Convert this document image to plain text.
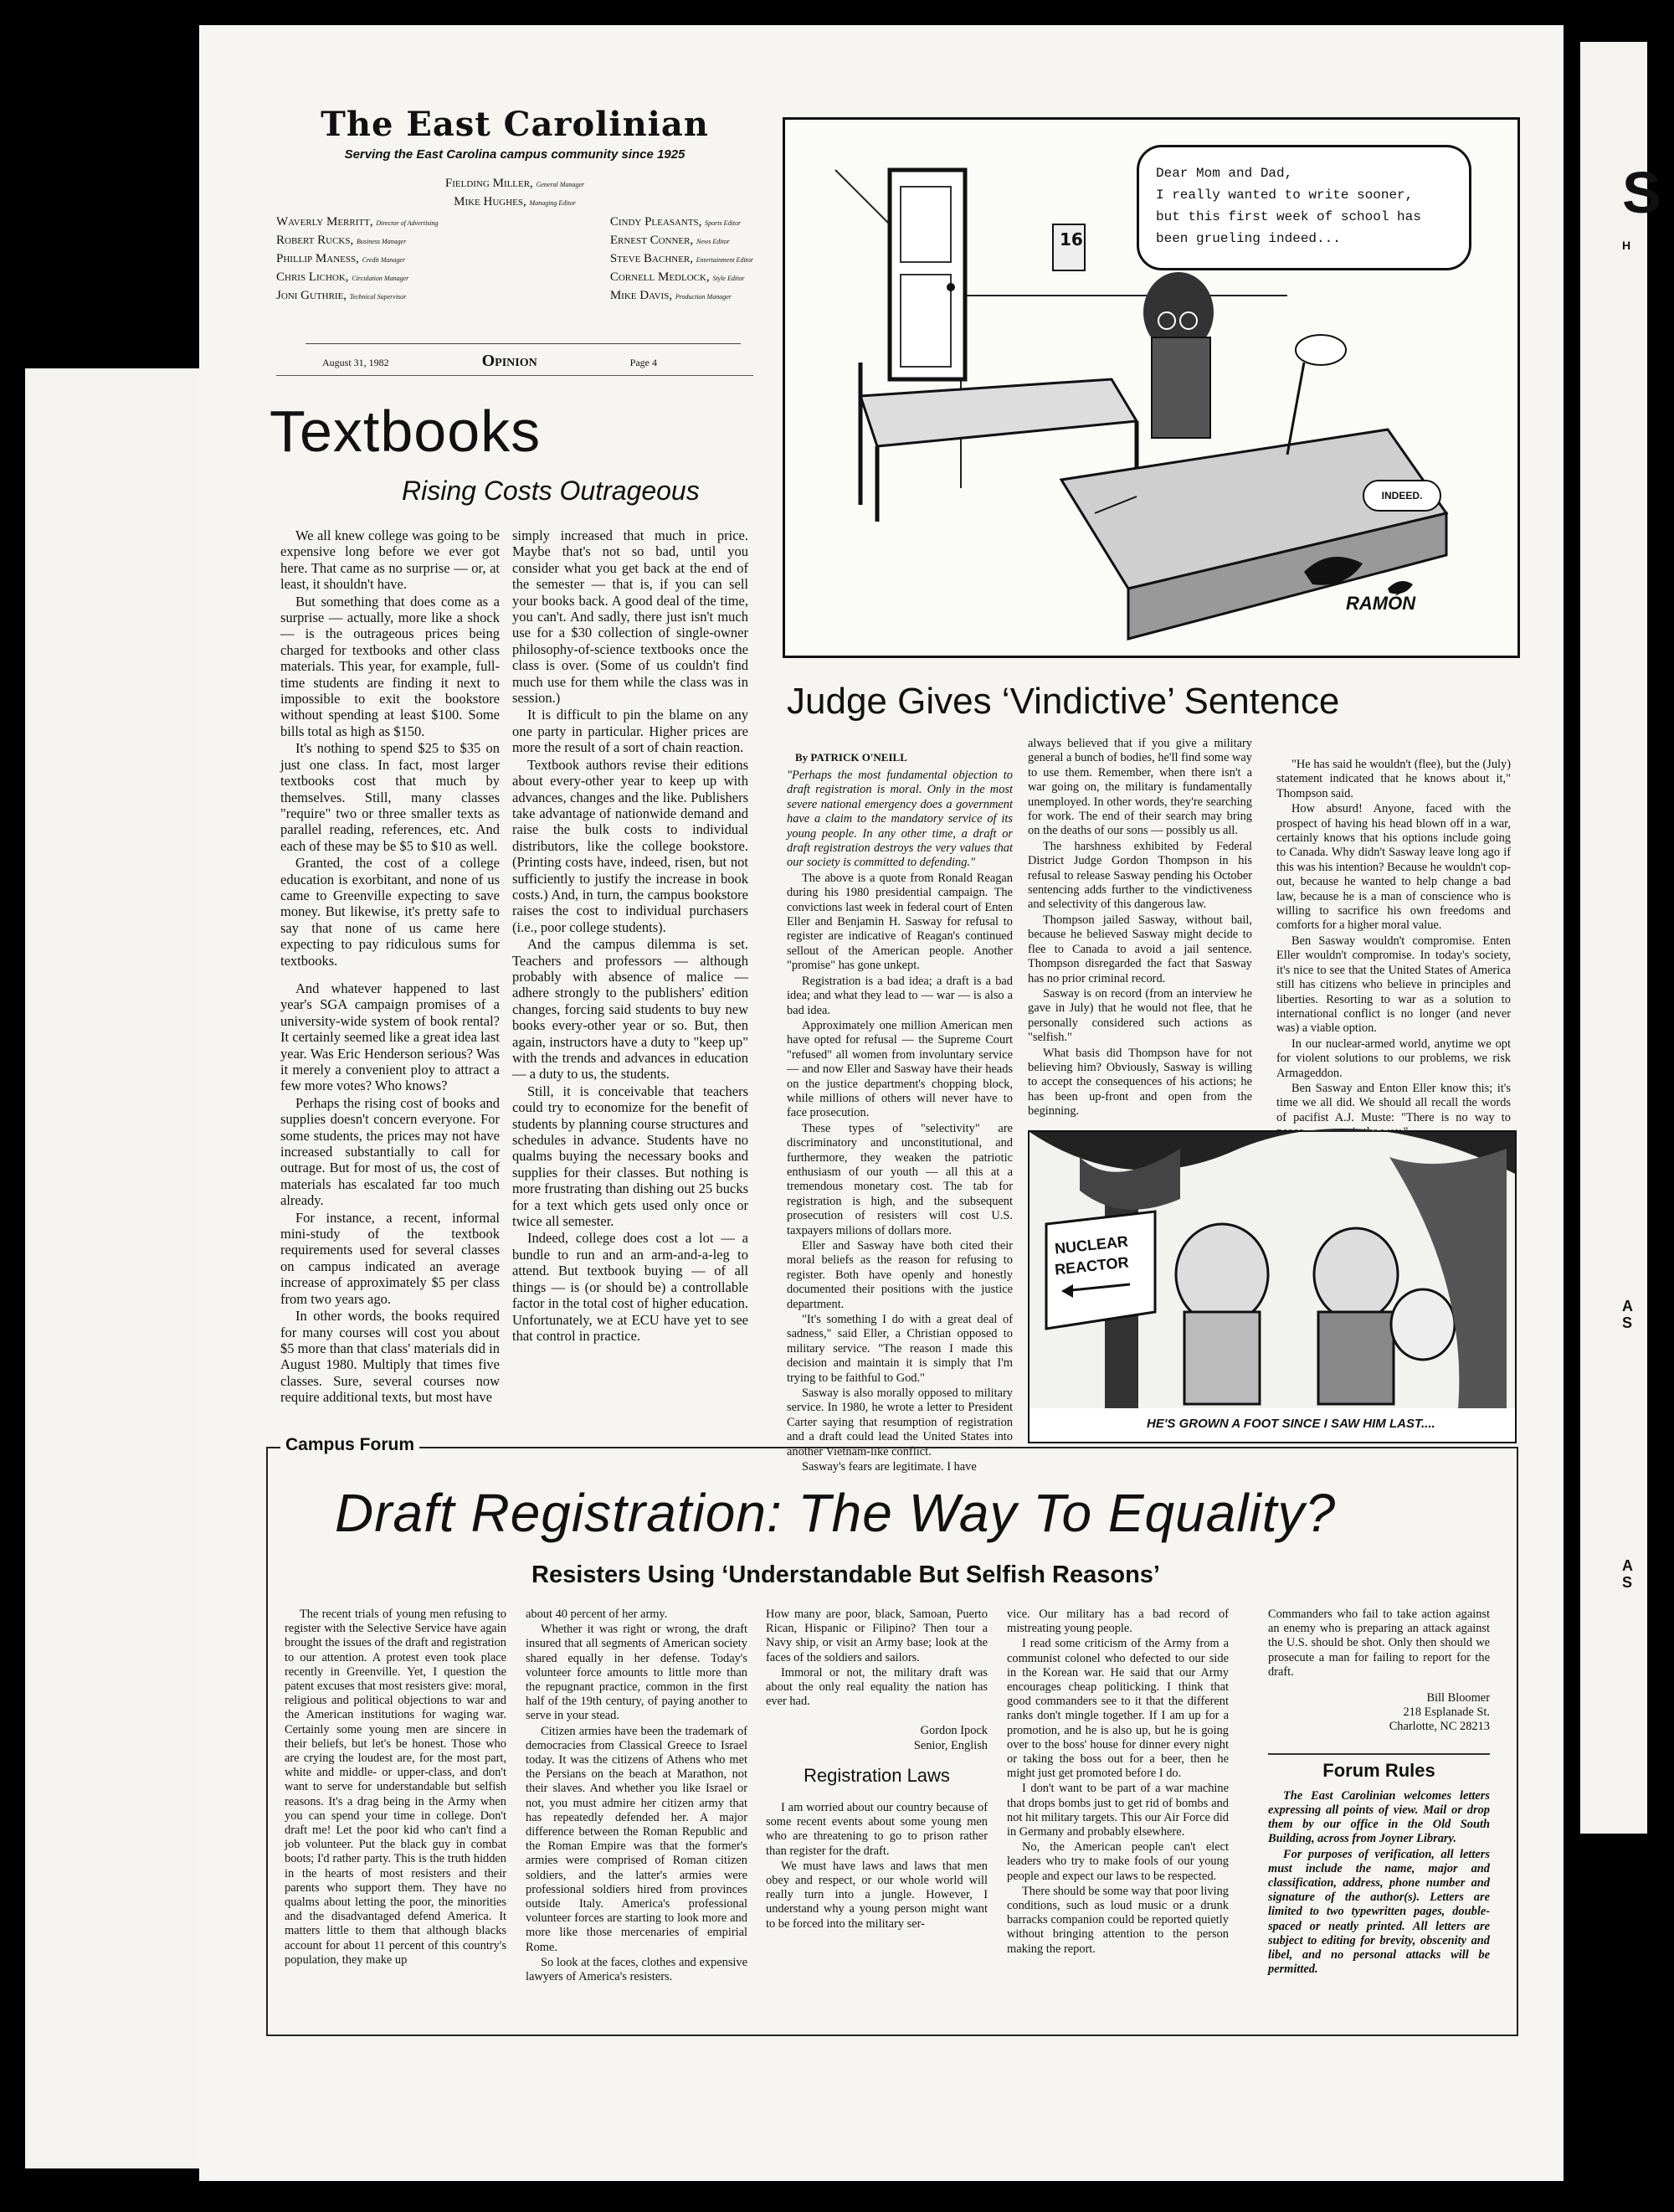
S
H
A
S
A
S
The East Carolinian
Serving the East Carolina campus community since 1925
Fielding Miller, General Manager
Mike Hughes, Managing Editor
Waverly Merritt, Director of Advertising
Robert Rucks, Business Manager
Phillip Maness, Credit Manager
Chris Lichok, Circulation Manager
Joni Guthrie, Technical Supervisor
Cindy Pleasants, Sports Editor
Ernest Conner, News Editor
Steve Bachner, Entertainment Editor
Cornell Medlock, Style Editor
Mike Davis, Production Manager
August 31, 1982	Opinion	Page 4
Textbooks
Rising Costs Outrageous

We all knew college was going to be expensive long before we ever got here. That came as no surprise — or, at least, it shouldn't have.

But something that does come as a surprise — actually, more like a shock — is the outrageous prices being charged for textbooks and other class materials. This year, for example, full-time students are finding it next to impossible to exit the bookstore without spending at least $100. Some bills total as high as $150.

It's nothing to spend $25 to $35 on just one class. In fact, most larger textbooks cost that much by themselves. Still, many classes "require" two or three smaller texts as parallel reading, references, etc. And each of these may be $5 to $10 as well.

Granted, the cost of a college education is exorbitant, and none of us came to Greenville expecting to save money. But likewise, it's pretty safe to say that none of us came here expecting to pay ridiculous sums for textbooks.

And whatever happened to last year's SGA campaign promises of a university-wide system of book rental? It certainly seemed like a great idea last year. Was Eric Henderson serious? Was it merely a convenient ploy to attract a few more votes? Who knows?

Perhaps the rising cost of books and supplies doesn't concern everyone. For some students, the prices may not have increased substantially to call for outrage. But for most of us, the cost of materials has escalated far too much already.

For instance, a recent, informal mini-study of the textbook requirements used for several classes on campus indicated an average increase of approximately $5 per class from two years ago.

In other words, the books required for many courses will cost you about $5 more than that class' materials did in August 1980. Multiply that times five classes. Sure, several courses now require additional texts, but most have

simply increased that much in price. Maybe that's not so bad, until you consider what you get back at the end of the semester — that is, if you can sell your books back. A good deal of the time, you can't. And sadly, there just isn't much use for a $30 collection of single-owner philosophy-of-science textbooks once the class is over. (Some of us couldn't find much use for them while the class was in session.)

It is difficult to pin the blame on any one party in particular. Higher prices are more the result of a sort of chain reaction.

Textbook authors revise their editions about every-other year to keep up with advances, changes and the like. Publishers take advantage of nationwide demand and raise the bulk costs to individual distributors, like the college bookstore. (Printing costs have, indeed, risen, but not sufficiently to justify the increase in book costs.) And, in turn, the campus bookstore raises the cost to individual purchasers (i.e., poor college students).

And the campus dilemma is set. Teachers and professors — although probably with absence of malice — adhere strongly to the publishers' edition changes, forcing said students to buy new books every-other year or so. But, then again, instructors have a duty to "keep up" with the trends and advances in education — a duty to us, the students.

Still, it is conceivable that teachers could try to economize for the benefit of students by planning course structures and schedules in advance. Students have no qualms buying the necessary books and supplies for their classes. But nothing is more frustrating than dishing out 25 bucks for a text which gets used only once or twice all semester.

Indeed, college does cost a lot — a bundle to run and an arm-and-a-leg to attend. But textbook buying — of all things — is (or should be) a controllable factor in the total cost of higher education. Unfortunately, we at ECU have yet to see that control in practice.

16
Dear Mom and Dad,
I really wanted to write sooner,
but this first week of school has
been grueling indeed...
INDEED.
RAMÓN
Judge Gives ‘Vindictive’ Sentence
By PATRICK O'NEILL

"Perhaps the most fundamental objection to draft registration is moral. Only in the most severe national emergency does a government have a claim to the mandatory service of its young people. In any other time, a draft or draft registration destroys the very values that our society is committed to defending."

The above is a quote from Ronald Reagan during his 1980 presidential campaign. The convictions last week in federal court of Enten Eller and Benjamin H. Sasway for refusal to register are indicative of Reagan's continued sellout of the American people. Another "promise" has gone unkept.

Registration is a bad idea; a draft is a bad idea; and what they lead to — war — is also a bad idea.

Approximately one million American men have opted for refusal — the Supreme Court "refused" all women from involuntary service — and now Eller and Sasway have their heads on the justice department's chopping block, while millions of others will never have to face prosecution.

These types of "selectivity" are discriminatory and unconstitutional, and furthermore, they weaken the patriotic enthusiasm of our youth — all this at a tremendous monetary cost. The tab for registration is high, and the subsequent prosecution of resisters will cost U.S. taxpayers milions of dollars more.

Eller and Sasway have both cited their moral beliefs as the reason for refusing to register. Both have openly and honestly documented their positions with the justice department.

"It's something I do with a great deal of sadness," said Eller, a Christian opposed to military service. "The reason I made this decision and maintain it is simply that I'm trying to be faithful to God."

Sasway is also morally opposed to military service. In 1980, he wrote a letter to President Carter saying that resumption of registration and a draft could lead the United States into another Vietnam-like conflict.

Sasway's fears are legitimate. I have

always believed that if you give a military general a bunch of bodies, he'll find some way to use them. Remember, when there isn't a war going on, the military is fundamentally unemployed. In other words, they're searching for work. The end of their search may bring on the deaths of our sons — possibly us all.

The harshness exhibited by Federal District Judge Gordon Thompson in his refusal to release Sasway pending his October sentencing adds further to the vindictiveness and selectivity of this dangerous law.

Thompson jailed Sasway, without bail, because he believed Sasway might decide to flee to Canada to avoid a jail sentence. Thompson disregarded the fact that Sasway has no prior criminal record.

Sasway is on record (from an interview he gave in July) that he would not flee, that he personally considered such actions as "selfish."

What basis did Thompson have for not believing him? Obviously, Sasway is willing to accept the consequences of his actions; he has been up-front and open from the beginning.

"He has said he wouldn't (flee), but the (July) statement indicated that he knows about it," Thompson said.

How absurd! Anyone, faced with the prospect of having his head blown off in a war, certainly knows that his options include going to Canada. Why didn't Sasway leave long ago if this was his intention? Because he wouldn't cop-out, because he wanted to help change a bad law, because he is a man of conscience who is willing to sacrifice his own freedoms and comforts for a higher moral value.

Ben Sasway wouldn't compromise. Enten Eller wouldn't compromise. In today's society, it's nice to see that the United States of America still has citizens who believe in principles and liberties. Resorting to war as a solution to international conflict is no longer (and never was) a viable option.

In our nuclear-armed world, anytime we opt for violent solutions to our problems, we risk Armageddon.

Ben Sasway and Enton Eller know this; it's time we all did. We should all recall the words of pacifist A.J. Muste: "There is no way to

NUCLEAR
REACTOR
HE'S GROWN A FOOT SINCE I SAW HIM LAST....
Campus Forum
Draft Registration: The Way To Equality?
Resisters Using ‘Understandable But Selfish Reasons’

The recent trials of young men refusing to register with the Selective Service have again brought the issues of the draft and registration to our attention. A protest even took place recently in Greenville. Yet, I question the patent excuses that most resisters give: moral, religious and political objections to war and the American institutions for waging war. Certainly some young men are sincere in their beliefs, but let's be honest. Those who are crying the loudest are, for the most part, white and middle- or upper-class, and don't want to serve for understandable but selfish reasons. It's a drag being in the Army when you can spend your time in college. Don't draft me! Let the poor kid who can't find a job volunteer. Put the black guy in combat boots; I'd rather party. This is the truth hidden in the hearts of most resisters and their parents who support them. They have no qualms about letting the poor, the minorities and the disadvantaged defend America. It matters little to them that although blacks account for about 11 percent of this country's population, they make up

about 40 percent of her army.

Whether it was right or wrong, the draft insured that all segments of American society shared equally in her defense. Today's volunteer force amounts to little more than the repugnant practice, common in the first half of the 19th century, of paying another to serve in your stead.

Citizen armies have been the trademark of democracies from Classical Greece to Israel today. It was the citizens of Athens who met the Persians on the beach at Marathon, not their slaves. And whether you like Israel or not, you must admire her citizen army that has repeatedly defended her. A major difference between the Roman Republic and the Roman Empire was that the former's armies were comprised of Roman citizen soldiers, and the latter's armies were professional soldiers hired from provinces outside Italy. America's professional volunteer forces are starting to look more and more like those mercenaries of empirial Rome.

So look at the faces, clothes and expensive lawyers of America's resisters.

How many are poor, black, Samoan, Puerto Rican, Hispanic or Filipino? Then tour a Navy ship, or visit an Army base; look at the faces of the soldiers and sailors.

Immoral or not, the military draft was about the only real equality the nation has ever had.

Gordon Ipock
Senior, English
Registration Laws

I am worried about our country because of some recent events about some young men who are threatening to go to prison rather than register for the draft.

We must have laws and laws that men obey and respect, or our whole world will really turn into a jungle. However, I understand why a young person might want to be forced into the military ser-

vice. Our military has a bad record of mistreating young people.

I read some criticism of the Army from a communist colonel who defected to our side in the Korean war. He said that our Army encourages cheap politicking. I think that good commanders see to it that the different ranks don't mingle together. If I am up for a promotion, and he is also up, but he is going over to the boss' house for dinner every night or taking the boss out for a beer, then he might just get promoted before I do.

I don't want to be part of a war machine that drops bombs just to get rid of bombs and not hit military targets. This our Air Force did in Germany and probably elsewhere.

No, the American people can't elect leaders who try to make fools of our young people and expect our laws to be respected.

There should be some way that poor living conditions, such as loud music or a drunk barracks companion could be reported quietly without bringing attention to the person making the report.

Commanders who fail to take action against an enemy who is preparing an attack against the U.S. should be shot. Only then should we prosecute a man for failing to report for the draft.

Bill Bloomer
218 Esplanade St.
Charlotte, NC 28213
Forum Rules

The East Carolinian welcomes letters expressing all points of view. Mail or drop them by our office in the Old South Building, across from Joyner Library.

For purposes of verification, all letters must include the name, major and classification, address, phone number and signature of the author(s). Letters are limited to two typewritten pages, double-spaced or neatly printed. All letters are subject to editing for brevity, obscenity and libel, and no personal attacks will be permitted.
